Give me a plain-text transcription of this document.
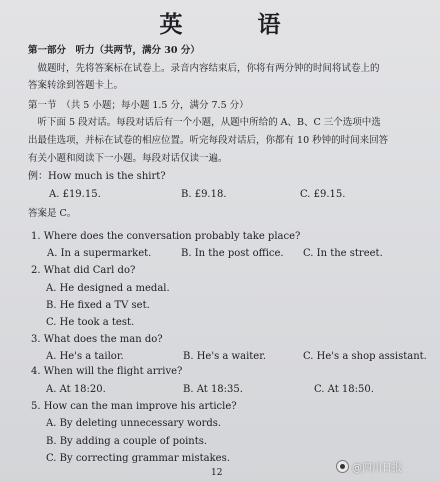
英　语
第一部分　听力（共两节，满分 30 分）
　做题时，先将答案标在试卷上。录音内容结束后，你将有两分钟的时间将试卷上的
答案转涂到答题卡上。
第一节　（共 5 小题；每小题 1.5 分，满分 7.5 分）
　听下面 5 段对话。每段对话后有一个小题，从题中所给的 A、B、C 三个选项中选
出最佳选项，并标在试卷的相应位置。听完每段对话后，你都有 10 秒钟的时间来回答
有关小题和阅读下一小题。每段对话仅读一遍。
例：How much is the shirt?
A. £19.15.	B. £9.18.	C. £9.15.
答案是 C。
1. Where does the conversation probably take place?
A. In a supermarket.	B. In the post office. C. In the street.
2. What did Carl do?
A. He designed a medal.
B. He fixed a TV set.
C. He took a test.
3. What does the man do?
A. He's a tailor.	B. He's a waiter.	C. He's a shop assistant.
4. When will the flight arrive?
A. At 18:20.	B. At 18:35.	C. At 18:50.
5. How can the man improve his article?
A. By deleting unnecessary words.
B. By adding a couple of points.
C. By correcting grammar mistakes.
12	@四川日报
